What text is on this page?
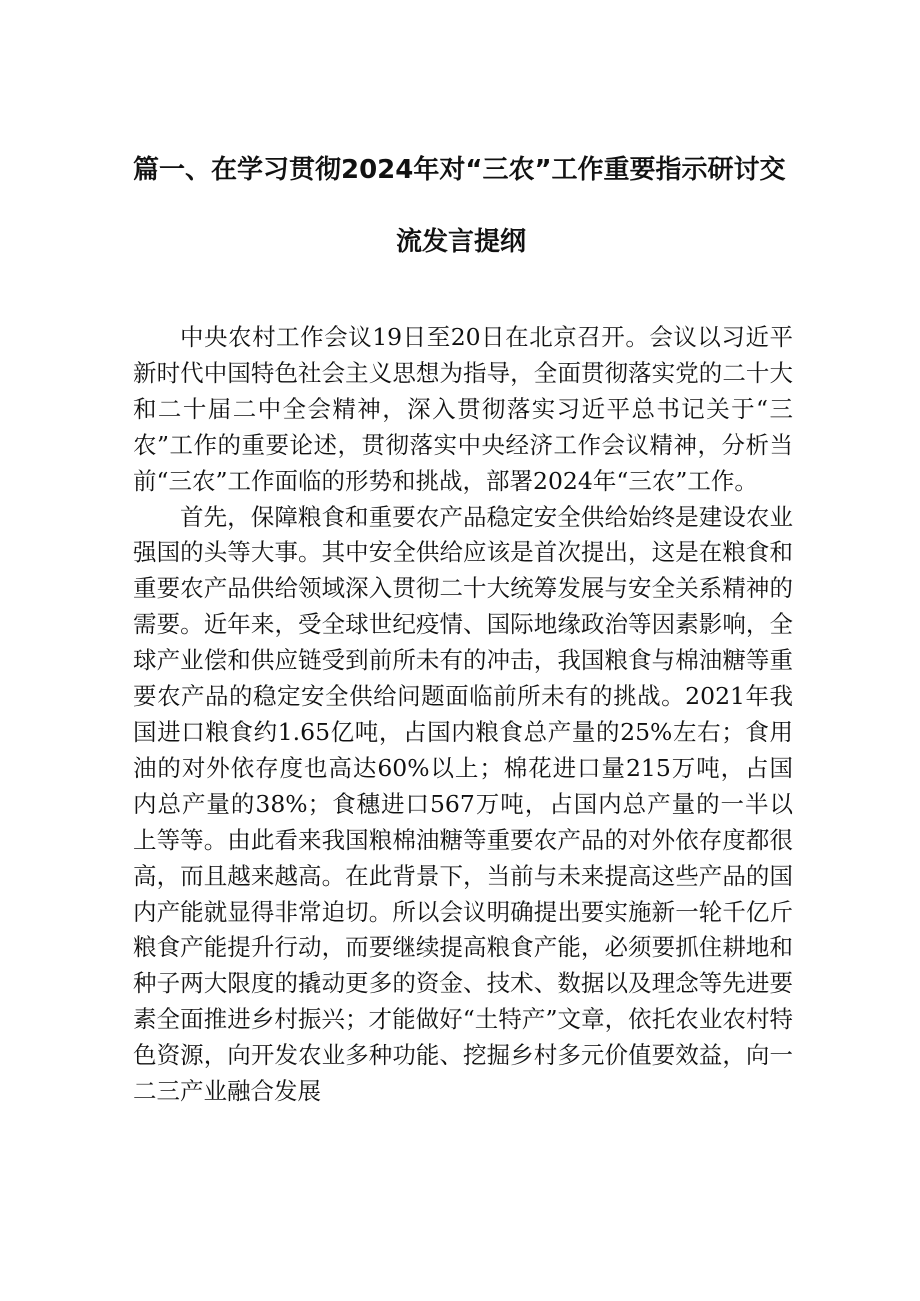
篇一、在学习贯彻2024年对“三农”工作重要指示研讨交
流发言提纲

中央农村工作会议19日至20日在北京召开。会议以习近平新时代中国特色社会主义思想为指导，全面贯彻落实党的二十大和二十届二中全会精神，深入贯彻落实习近平总书记关于“三农”工作的重要论述，贯彻落实中央经济工作会议精神，分析当前“三农”工作面临的形势和挑战，部署2024年“三农”工作。

首先，保障粮食和重要农产品稳定安全供给始终是建设农业强国的头等大事。其中安全供给应该是首次提出，这是在粮食和重要农产品供给领域深入贯彻二十大统筹发展与安全关系精神的需要。近年来，受全球世纪疫情、国际地缘政治等因素影响，全球产业偿和供应链受到前所未有的冲击，我国粮食与棉油糖等重要农产品的稳定安全供给问题面临前所未有的挑战。2021年我国进口粮食约1.65亿吨，占国内粮食总产量的25%左右；食用油的对外依存度也高达60%以上；棉花进口量215万吨，占国内总产量的38%；食穗进口567万吨，占国内总产量的一半以上等等。由此看来我国粮棉油糖等重要农产品的对外依存度都很高，而且越来越高。在此背景下，当前与未来提高这些产品的国内产能就显得非常迫切。所以会议明确提出要实施新一轮千亿斤粮食产能提升行动，而要继续提高粮食产能，必须要抓住耕地和种子两大限度的撬动更多的资金、技术、数据以及理念等先进要素全面推进乡村振兴；才能做好“土特产”文章，依托农业农村特色资源，向开发农业多种功能、挖掘乡村多元价值要效益，向一二三产业融合发展
